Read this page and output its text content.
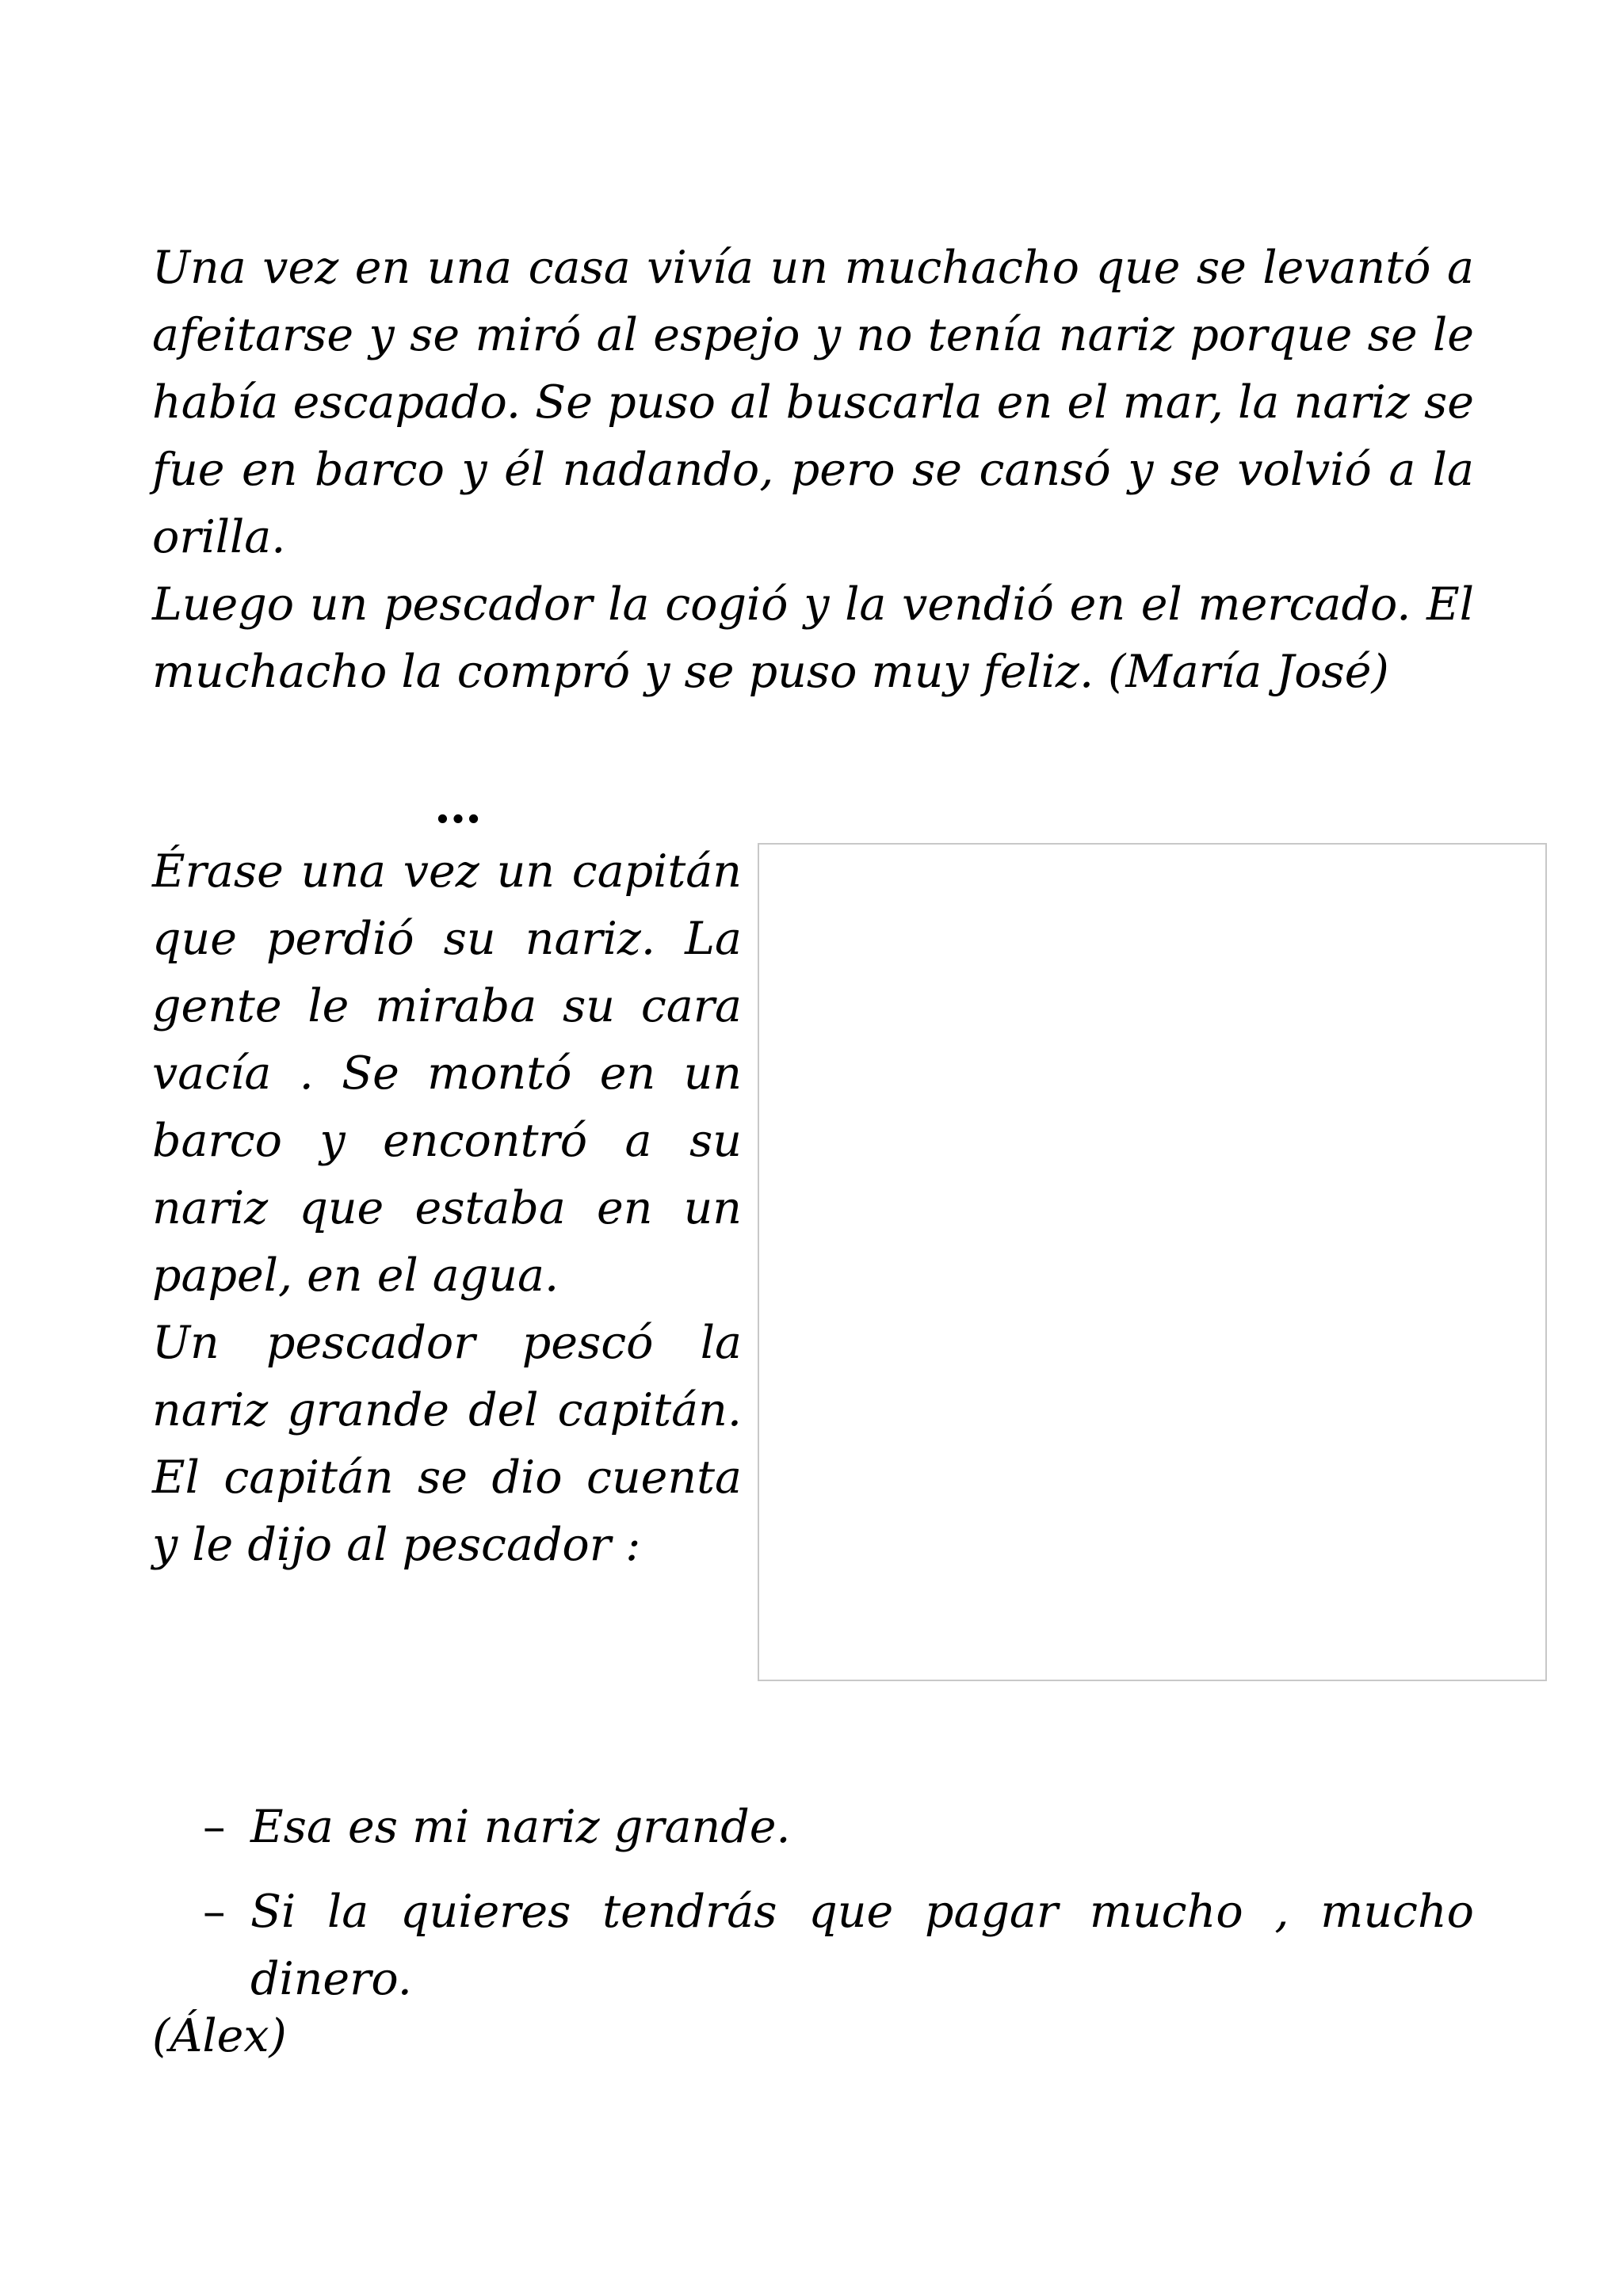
Una vez en una casa vivía un muchacho que se levantó a afeitarse y se miró al espejo y no tenía nariz porque se le había escapado. Se puso al buscarla en el mar, la nariz se fue en barco y él nadando, pero se cansó y se volvió a la orilla.

Luego un pescador la cogió y la vendió en el mercado. El muchacho la compró y se puso muy feliz. (María José)

…

Érase una vez un capitán que perdió su nariz. La gente le miraba su cara vacía . Se montó en un barco y encontró a su nariz que estaba en un papel, en el agua.

Un pescador pescó la nariz grande del capitán. El capitán se dio cuenta y le dijo al pescador :

– Esa es mi nariz grande.
– Si la quieres tendrás que pagar mucho , mucho dinero.
(Álex)
